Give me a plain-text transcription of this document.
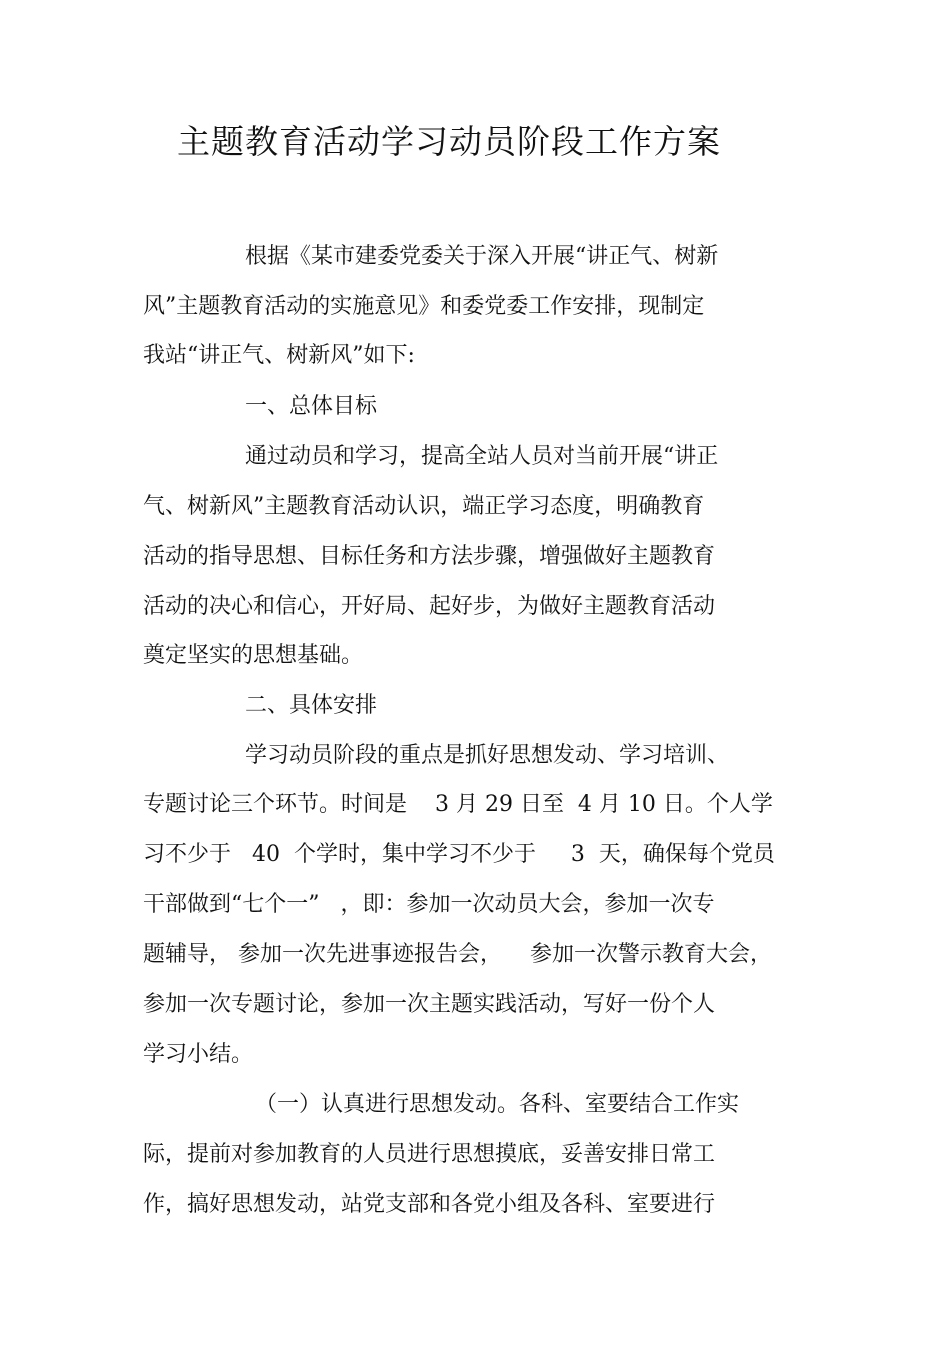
主题教育活动学习动员阶段工作方案
根据《某市建委党委关于深入开展“讲正气、树新
风”主题教育活动的实施意见》和委党委工作安排，现制定
我站“讲正气、树新风”如下:
一、总体目标
通过动员和学习，提高全站人员对当前开展“讲正
气、树新风”主题教育活动认识，端正学习态度，明确教育
活动的指导思想、目标任务和方法步骤，增强做好主题教育
活动的决心和信心，开好局、起好步，为做好主题教育活动
奠定坚实的思想基础。
二、具体安排
学习动员阶段的重点是抓好思想发动、学习培训、
专题讨论三个环节。时间是    3 月 29 日至  4 月 10 日。个人学
习不少于   40  个学时，集中学习不少于     3  天，确保每个党员
干部做到“七个一”   ，即：参加一次动员大会，参加一次专
题辅导， 参加一次先进事迹报告会，    参加一次警示教育大会，
参加一次专题讨论，参加一次主题实践活动，写好一份个人
学习小结。
（一）认真进行思想发动。各科、室要结合工作实
际，提前对参加教育的人员进行思想摸底，妥善安排日常工
作，搞好思想发动，站党支部和各党小组及各科、室要进行
